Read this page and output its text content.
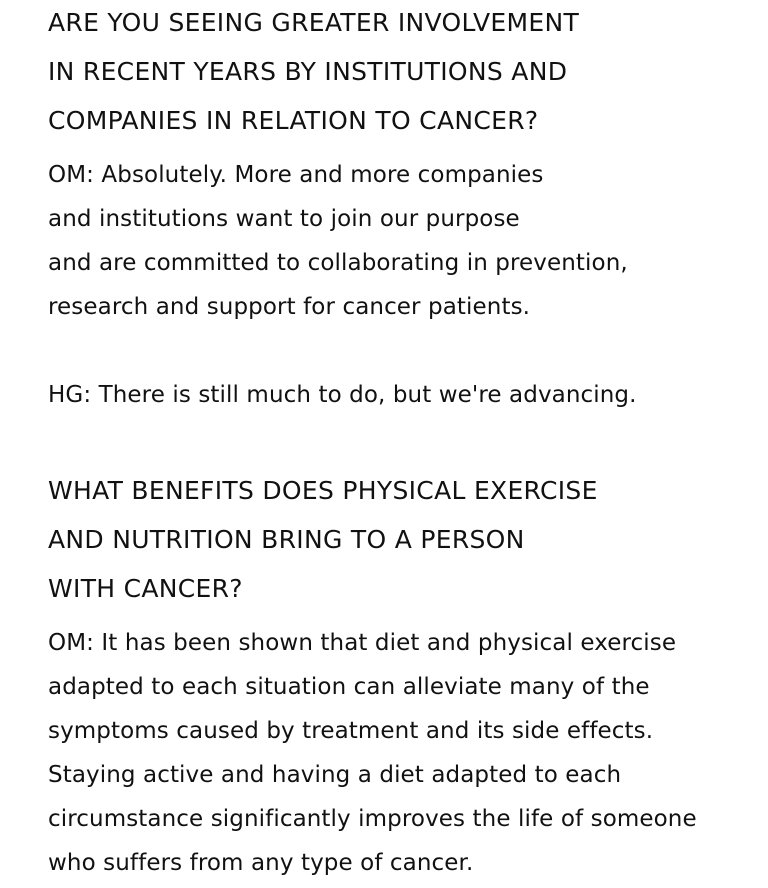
ARE YOU SEEING GREATER INVOLVEMENT
IN RECENT YEARS BY INSTITUTIONS AND
COMPANIES IN RELATION TO CANCER?
OM: Absolutely. More and more companies
and institutions want to join our purpose
and are committed to collaborating in prevention,
research and support for cancer patients.
HG: There is still much to do, but we're advancing.
WHAT BENEFITS DOES PHYSICAL EXERCISE
AND NUTRITION BRING TO A PERSON
WITH CANCER?
OM: It has been shown that diet and physical exercise
adapted to each situation can alleviate many of the
symptoms caused by treatment and its side effects.
Staying active and having a diet adapted to each
circumstance significantly improves the life of someone
who suffers from any type of cancer.
